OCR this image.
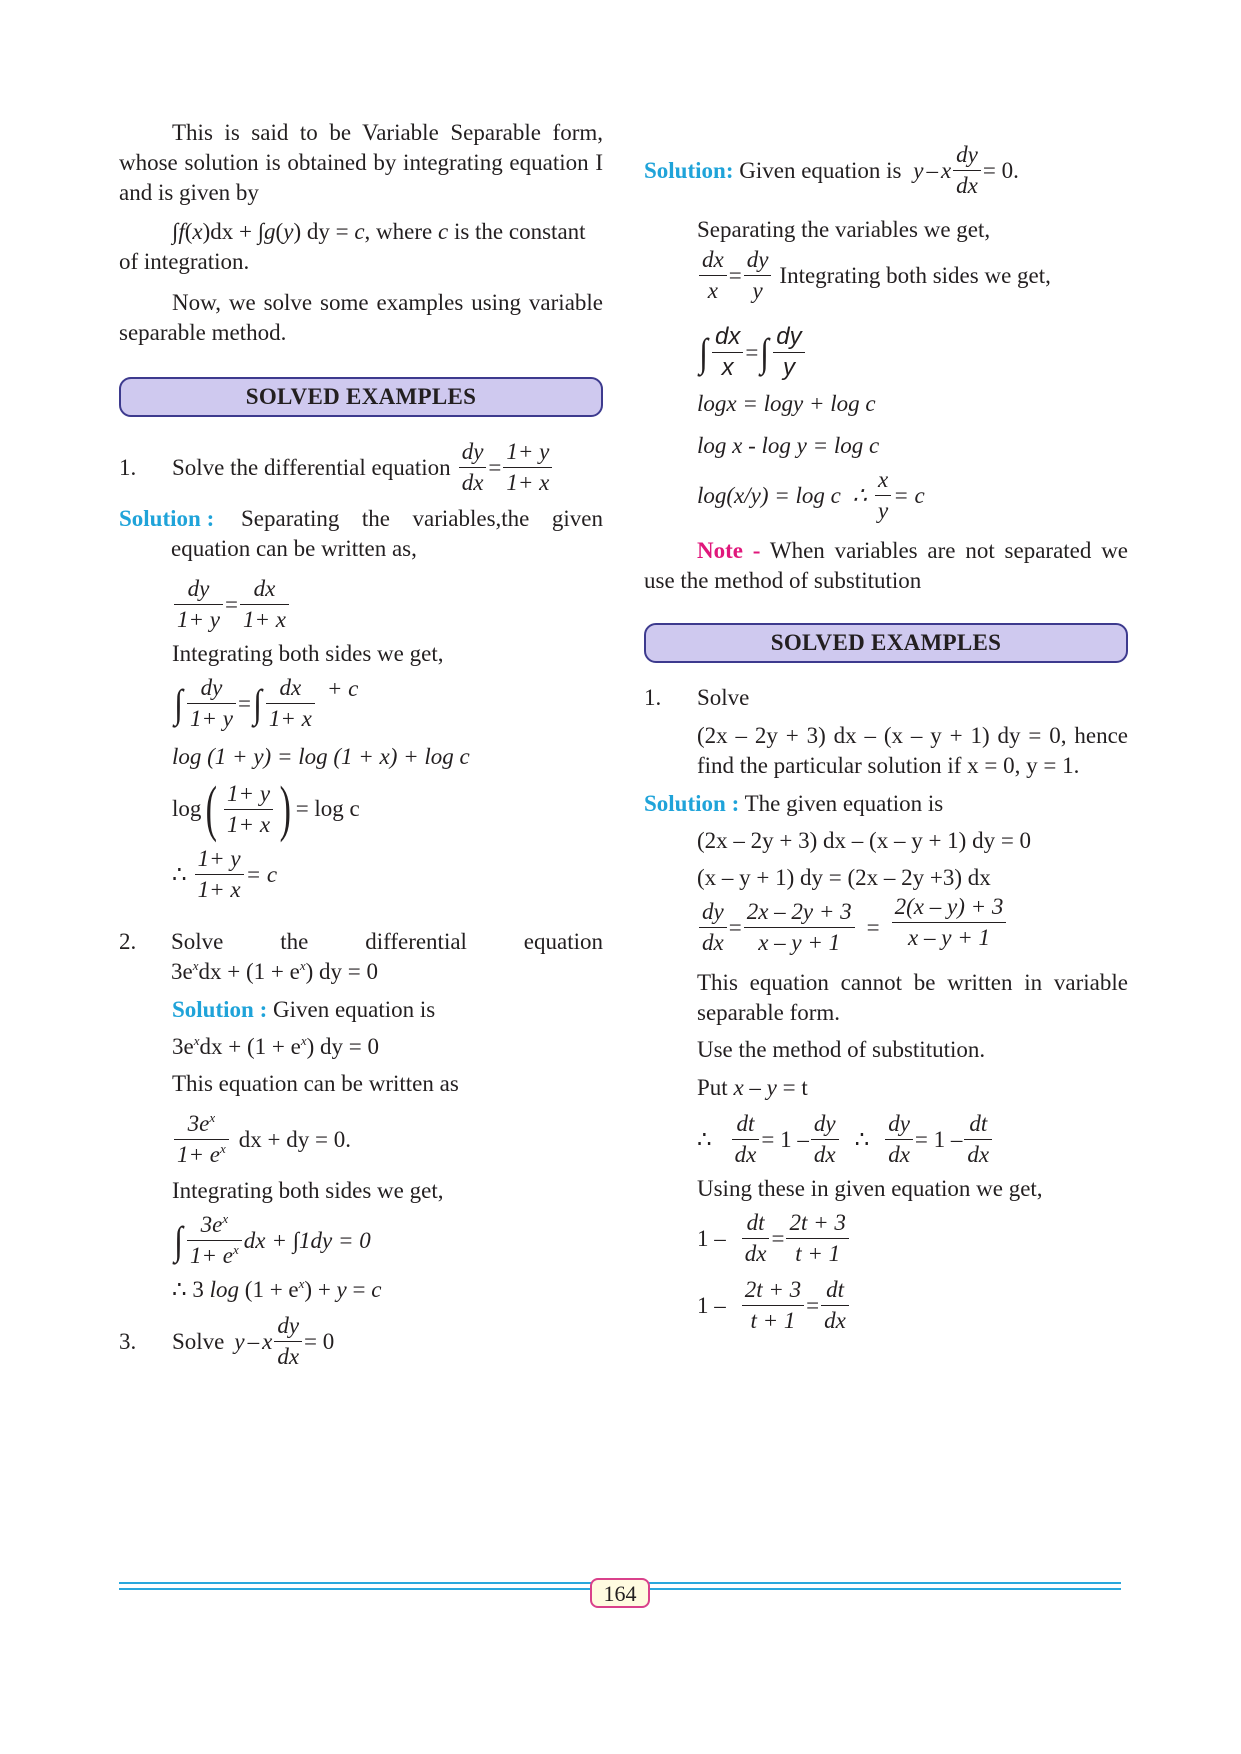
This is said to be Variable Separable form, whose solution is obtained by integrating equation I and is given by

∫f(x)dx + ∫g(y) dy = c, where c is the constant

of integration.

Now, we solve some examples using variable separable method.

SOLVED EXAMPLES
1.	Solve the differential equation $\frac{dy}{dx} = \frac{1+ y}{1+ x}$
Solution :	Separating the variables,the given equation can be written as,
$\frac{dy}{1+ y} = \frac{dx}{1+ x}$

Integrating both sides we get,

∫ $\frac{dy}{1+ y}$ = ∫ $\frac{dx}{1+ x} + c$

log (1 + y) = log (1 + x) + log c

log ( $\frac{1+ y}{1+ x}$ ) = log c
∴ $\frac{1+ y}{1+ x} = c$
2. Solve the differential equation
$3e^xdx + (1 + e^x)$ dy = 0

Solution : Given equation is

$3e^xdx + (1 + e^x)$ dy = 0

This equation can be written as

$\frac{3e^x}{1+ e^x}$ dx + dy = 0.

Integrating both sides we get,

∫ $\frac{3e^x}{1+ e^x}$ dx + ∫1dy = 0

∴ 3 $\log (1 + e^x) + y = c$

3.	Solve y – x $\frac{dy}{dx} = 0$
Solution: Given equation is y – x $\frac{dy}{dx} = 0$.

Separating the variables we get,

$\frac{dx}{x} = \frac{dy}{y}$ Integrating both sides we get,
∫ $\frac{dx}{x}$ = ∫ $\frac{dy}{y}$

logx = logy + log c

log x - log y = log c

log(x/y) = log c  ∴ $\frac{x}{y} = c$

Note - When variables are not separated we use the method of substitution

SOLVED EXAMPLES
1.	Solve

(2x – 2y + 3) dx – (x – y + 1) dy = 0, hence find the particular solution if x = 0, y = 1.

Solution : The given equation is

(2x – 2y + 3) dx – (x – y + 1) dy = 0

(x – y + 1) dy = (2x – 2y +3) dx

$\frac{dy}{dx} = \frac{2x - 2y + 3}{x - y + 1} = \frac{2(x - y) + 3}{x - y + 1}$

This equation cannot be written in variable separable form.

Use the method of substitution.

Put x – y = t

∴ $\frac{dt}{dx} = 1 - \frac{dy}{dx}$ ∴ $\frac{dy}{dx} = 1 - \frac{dt}{dx}$

Using these in given equation we get,

$1 - \frac{dt}{dx} = \frac{2t + 3}{t + 1}$
$1 - \frac{2t + 3}{t + 1} = \frac{dt}{dx}$
164
